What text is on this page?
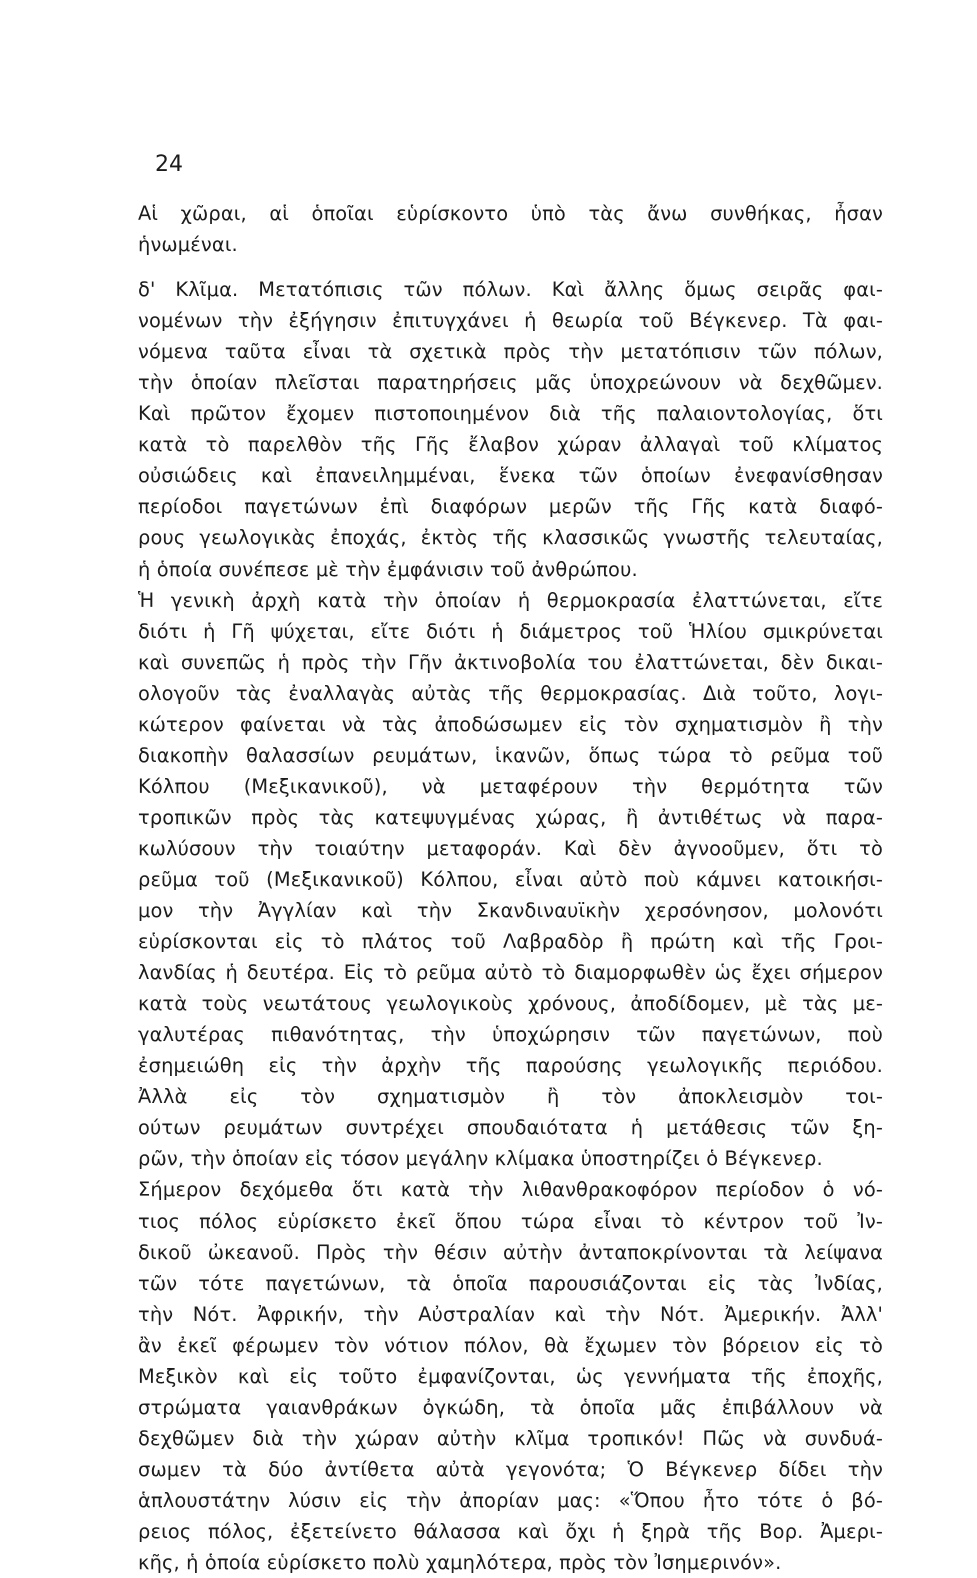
24
Αἱ χῶραι, αἱ ὁποῖαι εὑρίσκοντο ὑπὸ τὰς ἄνω συνθήκας, ἦσαν
ἡνωμέναι.
δ' Κλῖμα. Μετατόπισις τῶν πόλων. Καὶ ἄλλης ὅμως σειρᾶς φαι-
νομένων τὴν ἐξήγησιν ἐπιτυγχάνει ἡ θεωρία τοῦ Βέγκενερ. Τὰ φαι-
νόμενα ταῦτα εἶναι τὰ σχετικὰ πρὸς τὴν μετατόπισιν τῶν πόλων,
τὴν ὁποίαν πλεῖσται παρατηρήσεις μᾶς ὑποχρεώνουν νὰ δεχθῶμεν.
Καὶ πρῶτον ἔχομεν πιστοποιημένον διὰ τῆς παλαιοντολογίας, ὅτι
κατὰ τὸ παρελθὸν τῆς Γῆς ἔλαβον χώραν ἀλλαγαὶ τοῦ κλίματος
οὐσιώδεις καὶ ἐπανειλημμέναι, ἕνεκα τῶν ὁποίων ἐνεφανίσθησαν
περίοδοι παγετώνων ἐπὶ διαφόρων μερῶν τῆς Γῆς κατὰ διαφό-
ρους γεωλογικὰς ἐποχάς, ἐκτὸς τῆς κλασσικῶς γνωστῆς τελευταίας,
ἡ ὁποία συνέπεσε μὲ τὴν ἐμφάνισιν τοῦ ἀνθρώπου.
Ἡ γενικὴ ἀρχὴ κατὰ τὴν ὁποίαν ἡ θερμοκρασία ἐλαττώνεται, εἴτε
διότι ἡ Γῆ ψύχεται, εἴτε διότι ἡ διάμετρος τοῦ Ἡλίου σμικρύνεται
καὶ συνεπῶς ἡ πρὸς τὴν Γῆν ἀκτινοβολία του ἐλαττώνεται, δὲν δικαι-
ολογοῦν τὰς ἐναλλαγὰς αὐτὰς τῆς θερμοκρασίας. Διὰ τοῦτο, λογι-
κώτερον φαίνεται νὰ τὰς ἀποδώσωμεν εἰς τὸν σχηματισμὸν ἢ τὴν
διακοπὴν θαλασσίων ρευμάτων, ἱκανῶν, ὅπως τώρα τὸ ρεῦμα τοῦ
Κόλπου (Μεξικανικοῦ), νὰ μεταφέρουν τὴν θερμότητα τῶν
τροπικῶν πρὸς τὰς κατεψυγμένας χώρας, ἢ ἀντιθέτως νὰ παρα-
κωλύσουν τὴν τοιαύτην μεταφοράν. Καὶ δὲν ἀγνοοῦμεν, ὅτι τὸ
ρεῦμα τοῦ (Μεξικανικοῦ) Κόλπου, εἶναι αὐτὸ ποὺ κάμνει κατοικήσι-
μον τὴν Ἀγγλίαν καὶ τὴν Σκανδιναυϊκὴν χερσόνησον, μολονότι
εὑρίσκονται εἰς τὸ πλάτος τοῦ Λαβραδὸρ ἢ πρώτη καὶ τῆς Γροι-
λανδίας ἡ δευτέρα. Εἰς τὸ ρεῦμα αὐτὸ τὸ διαμορφωθὲν ὡς ἔχει σήμερον
κατὰ τοὺς νεωτάτους γεωλογικοὺς χρόνους, ἀποδίδομεν, μὲ τὰς με-
γαλυτέρας πιθανότητας, τὴν ὑποχώρησιν τῶν παγετώνων, ποὺ
ἐσημειώθη εἰς τὴν ἀρχὴν τῆς παρούσης γεωλογικῆς περιόδου.
Ἀλλὰ εἰς τὸν σχηματισμὸν ἢ τὸν ἀποκλεισμὸν τοι-
ούτων ρευμάτων συντρέχει σπουδαιότατα ἡ μετάθεσις τῶν ξη-
ρῶν, τὴν ὁποίαν εἰς τόσον μεγάλην κλίμακα ὑποστηρίζει ὁ Βέγκενερ.
Σήμερον δεχόμεθα ὅτι κατὰ τὴν λιθανθρακοφόρον περίοδον ὁ νό-
τιος πόλος εὑρίσκετο ἐκεῖ ὅπου τώρα εἶναι τὸ κέντρον τοῦ Ἰν-
δικοῦ ὠκεανοῦ. Πρὸς τὴν θέσιν αὐτὴν ἀνταποκρίνονται τὰ λείψανα
τῶν τότε παγετώνων, τὰ ὁποῖα παρουσιάζονται εἰς τὰς Ἰνδίας,
τὴν Νότ. Ἀφρικήν, τὴν Αὐστραλίαν καὶ τὴν Νότ. Ἀμερικήν. Ἀλλ'
ἂν ἐκεῖ φέρωμεν τὸν νότιον πόλον, θὰ ἔχωμεν τὸν βόρειον εἰς τὸ
Μεξικὸν καὶ εἰς τοῦτο ἐμφανίζονται, ὡς γεννήματα τῆς ἐποχῆς,
στρώματα γαιανθράκων ὀγκώδη, τὰ ὁποῖα μᾶς ἐπιβάλλουν νὰ
δεχθῶμεν διὰ τὴν χώραν αὐτὴν κλῖμα τροπικόν! Πῶς νὰ συνδυά-
σωμεν τὰ δύο ἀντίθετα αὐτὰ γεγονότα; Ὁ Βέγκενερ δίδει τὴν
ἁπλουστάτην λύσιν εἰς τὴν ἀπορίαν μας: «Ὅπου ἦτο τότε ὁ βό-
ρειος πόλος, ἐξετείνετο θάλασσα καὶ ὄχι ἡ ξηρὰ τῆς Βορ. Ἀμερι-
κῆς, ἡ ὁποία εὑρίσκετο πολὺ χαμηλότερα, πρὸς τὸν Ἰσημερινόν».
